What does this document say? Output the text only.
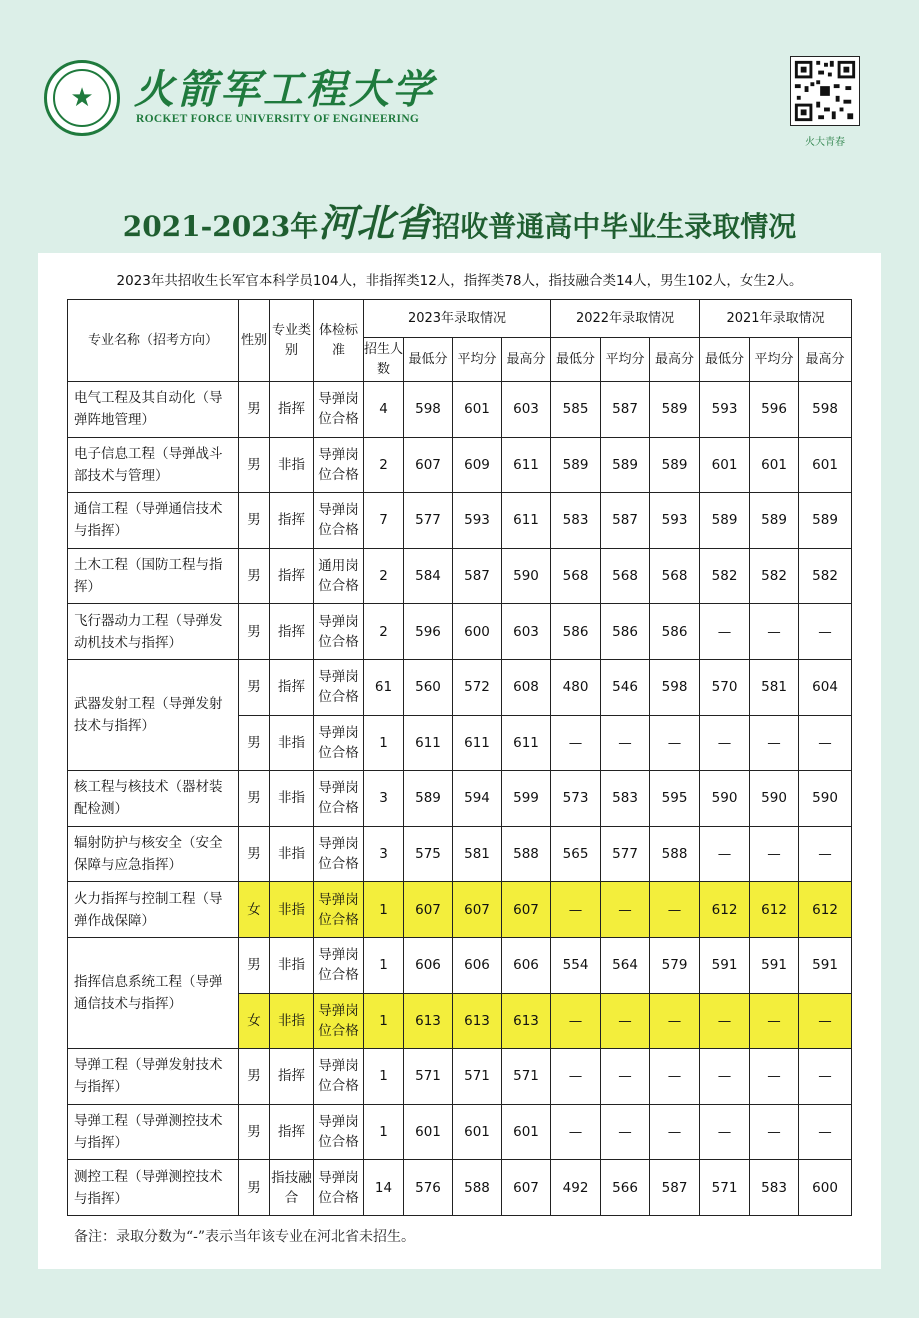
★	火箭军工程大学
ROCKET FORCE UNIVERSITY OF ENGINEERING
火大青春
2021-2023年河北省招收普通高中毕业生录取情况
2023年共招收生长军官本科学员104人，非指挥类12人，指挥类78人，指技融合类14人，男生102人，女生2人。
专业名称（招考方向）	性别	专业类别	体检标准	2023年录取情况				2022年录取情况			2021年录取情况		
				招生人数	最低分	平均分	最高分	最低分	平均分	最高分	最低分	平均分	最高分
电气工程及其自动化（导弹阵地管理）	男	指挥	导弹岗位合格	4	598	601	603	585	587	589	593	596	598
电子信息工程（导弹战斗部技术与管理）	男	非指	导弹岗位合格	2	607	609	611	589	589	589	601	601	601
通信工程（导弹通信技术与指挥）	男	指挥	导弹岗位合格	7	577	593	611	583	587	593	589	589	589
土木工程（国防工程与指挥）	男	指挥	通用岗位合格	2	584	587	590	568	568	568	582	582	582
飞行器动力工程（导弹发动机技术与指挥）	男	指挥	导弹岗位合格	2	596	600	603	586	586	586	—	—	—
武器发射工程（导弹发射技术与指挥）	男	指挥	导弹岗位合格	61	560	572	608	480	546	598	570	581	604
	男	非指	导弹岗位合格	1	611	611	611	—	—	—	—	—	—
核工程与核技术（器材装配检测）	男	非指	导弹岗位合格	3	589	594	599	573	583	595	590	590	590
辐射防护与核安全（安全保障与应急指挥）	男	非指	导弹岗位合格	3	575	581	588	565	577	588	—	—	—
火力指挥与控制工程（导弹作战保障）	女	非指	导弹岗位合格	1	607	607	607	—	—	—	612	612	612
指挥信息系统工程（导弹通信技术与指挥）	男	非指	导弹岗位合格	1	606	606	606	554	564	579	591	591	591
	女	非指	导弹岗位合格	1	613	613	613	—	—	—	—	—	—
导弹工程（导弹发射技术与指挥）	男	指挥	导弹岗位合格	1	571	571	571	—	—	—	—	—	—
导弹工程（导弹测控技术与指挥）	男	指挥	导弹岗位合格	1	601	601	601	—	—	—	—	—	—
测控工程（导弹测控技术与指挥）	男	指技融合	导弹岗位合格	14	576	588	607	492	566	587	571	583	600
备注：录取分数为“-”表示当年该专业在河北省未招生。
